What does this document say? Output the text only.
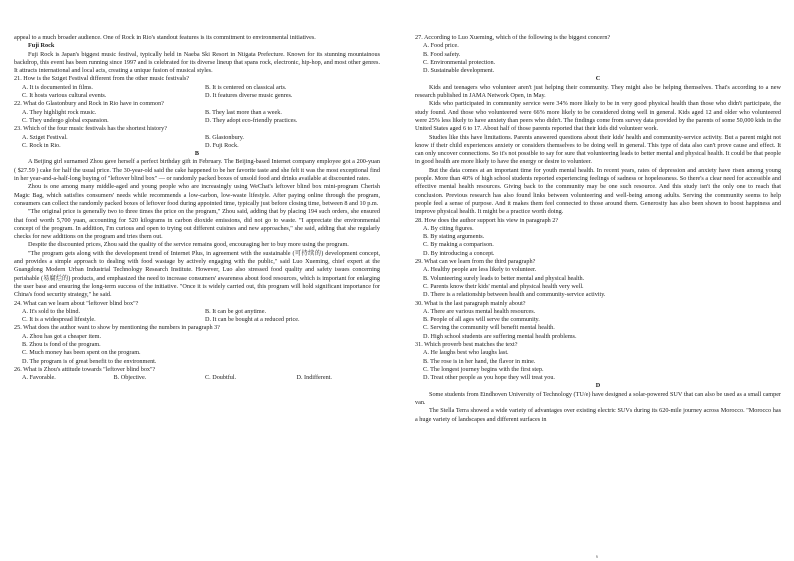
appeal to a much broader audience. One of Rock in Rio's standout features is its commitment to environmental initiatives.

Fuji Rock

Fuji Rock is Japan's biggest music festival, typically held in Naeba Ski Resort in Niigata Prefecture. Known for its stunning mountainous backdrop, this event has been running since 1997 and is celebrated for its diverse lineup that spans rock, electronic, hip-hop, and most other genres. It attracts international and local acts, creating a unique fusion of musical styles.

21. How is the Sziget Festival different from the other music festivals?

A. It is documented in films.	B. It is centered on classical arts.
C. It hosts various cultural events.	D. It features diverse music genres.

22. What do Glastonbury and Rock in Rio have in common?

A. They highlight rock music.	B. They last more than a week.
C. They undergo global expansion.	D. They adopt eco-friendly practices.

23. Which of the four music festivals has the shortest history?

A. Sziget Festival.	B. Glastonbury.
C. Rock in Rio.	D. Fuji Rock.

B

A Beijing girl surnamed Zhou gave herself a perfect birthday gift in February. The Beijing-based Internet company employee got a 200-yuan ( $27.59 ) cake for half the usual price. The 30-year-old said the cake happened to be her favorite taste and she felt it was the most exceptional find in her year-and-a-half-long buying of "leftover blind box" — or randomly packed boxes of unsold food and drinks available at discounted rates.

Zhou is one among many middle-aged and young people who are increasingly using WeChat's leftover blind box mini-program Cherish Magic Bag, which satisfies consumers' needs while recommends a low-carbon, low-waste lifestyle. After paying online through the program, consumers can collect the randomly packed boxes of leftover food during appointed time, typically just before closing time, between 8 and 10 p.m.

"The original price is generally two to three times the price on the program," Zhou said, adding that by placing 194 such orders, she ensured that food worth 5,700 yuan, accounting for 520 kilograms in carbon dioxide emissions, did not go to waste. "I appreciate the environmental concept of the program. In addition, I'm curious and open to trying out different cuisines and new approaches," she said, adding that she regularly checks for new additions on the program and tries them out.

Despite the discounted prices, Zhou said the quality of the service remains good, encouraging her to buy more using the program.

"The program gets along with the development trend of Internet Plus, in agreement with the sustainable (可持续的) development concept, and provides a simple approach to dealing with food wastage by actively engaging with the public," said Luo Xueming, chief expert at the Guangdong Modern Urban Industrial Technology Research Institute. However, Luo also stressed food quality and safety issues concerning perishable (易腐烂的) products, and emphasized the need to increase consumers' awareness about food resources, which is important for enlarging the user base and ensuring the long-term success of the initiative. "Once it is widely carried out, this program will hold significant importance for China's food security strategy," he said.

24. What can we learn about "leftover blind box"?

A. It's sold to the blind.	B. It can be got anytime.
C. It is a widespread lifestyle.	D. It can be bought at a reduced price.

25. What does the author want to show by mentioning the numbers in paragraph 3?

A. Zhou has got a cheaper item.

B. Zhou is fond of the program.

C. Much money has been spent on the program.

D. The program is of great benefit to the environment.

26. What is Zhou's attitude towards "leftover blind box"?

A. Favorable.	B. Objective.	C. Doubtful.	D. Indifferent.

27. According to Luo Xueming, which of the following is the biggest concern?

A. Food price.

B. Food safety.

C. Environmental protection.

D. Sustainable development.

C

Kids and teenagers who volunteer aren't just helping their community. They might also be helping themselves. That's according to a new research published in JAMA Network Open, in May.

Kids who participated in community service were 34% more likely to be in very good physical health than those who didn't participate, the study found. And those who volunteered were 66% more likely to be considered doing well in general. Kids aged 12 and older who volunteered were 25% less likely to have anxiety than peers who didn't. The findings come from survey data provided by the parents of some 50,000 kids in the United States aged 6 to 17. About half of those parents reported that their kids did volunteer work.

Studies like this have limitations. Parents answered questions about their kids' health and community-service activity. But a parent might not know if their child experiences anxiety or considers themselves to be doing well in general. This type of data also can't prove cause and effect. It can only uncover connections. So it's not possible to say for sure that volunteering leads to better mental and physical health. It could be that people in good health are more likely to have the energy or desire to volunteer.

But the data comes at an important time for youth mental health. In recent years, rates of depression and anxiety have risen among young people. More than 40% of high school students reported experiencing feelings of sadness or hopelessness. So there's a clear need for accessible and effective mental health resources. Giving back to the community may be one such resource. And this study isn't the only one to reach that conclusion. Previous research has also found links between volunteering and well-being among adults. Serving the community seems to help people feel a sense of purpose. And it makes them feel connected to those around them. Generosity has also been shown to boost happiness and improve physical health. It might be a practice worth doing.

28. How does the author support his view in paragraph 2?

A. By citing figures.

B. By stating arguments.

C. By making a comparison.

D. By introducing a concept.

29. What can we learn from the third paragraph?

A. Healthy people are less likely to volunteer.

B. Volunteering surely leads to better mental and physical health.

C. Parents know their kids' mental and physical health very well.

D. There is a relationship between health and community-service activity.

30. What is the last paragraph mainly about?

A. There are various mental health resources.

B. People of all ages will serve the community.

C. Serving the community will benefit mental health.

D. High school students are suffering mental health problems.

31. Which proverb best matches the text?

A. He laughs best who laughs last.

B. The rose is in her hand, the flavor in mine.

C. The longest journey begins with the first step.

D. Treat other people as you hope they will treat you.

D

Some students from Eindhoven University of Technology (TU/e) have designed a solar-powered SUV that can also be used as a small camper van.

The Stella Terra showed a wide variety of advantages over existing electric SUVs during its 620-mile journey across Morocco. "Morocco has a huge variety of landscapes and different surfaces in

6
